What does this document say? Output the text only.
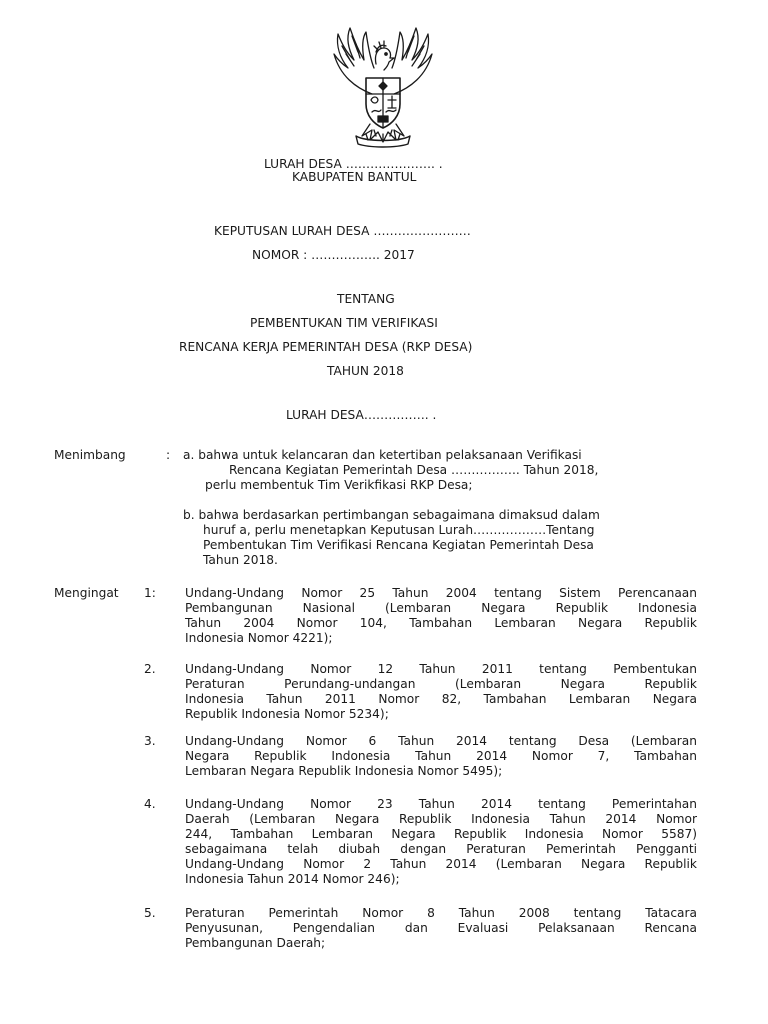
LURAH DESA …………………. .
KABUPATEN BANTUL
KEPUTUSAN LURAH DESA ……………………
NOMOR : …………….. 2017
TENTANG
PEMBENTUKAN TIM VERIFIKASI
RENCANA KERJA PEMERINTAH DESA (RKP DESA)
TAHUN 2018
LURAH DESA……………. .
Menimbang	: a. bahwa untuk kelancaran dan ketertiban pelaksanaan Verifikasi
Rencana Kegiatan Pemerintah Desa …………….. Tahun 2018,
perlu membentuk Tim Verikfikasi RKP Desa;
b. bahwa berdasarkan pertimbangan sebagaimana dimaksud dalam
huruf a, perlu menetapkan Keputusan Lurah………………Tentang
Pembentukan Tim Verifikasi Rencana Kegiatan Pemerintah Desa
Tahun 2018.
Mengingat 1: Undang-Undang Nomor 25 Tahun 2004 tentang Sistem Perencanaan
Pembangunan Nasional (Lembaran Negara Republik Indonesia
Tahun 2004 Nomor 104, Tambahan Lembaran Negara Republik
Indonesia Nomor 4221);
2. Undang-Undang Nomor 12 Tahun 2011 tentang Pembentukan
Peraturan Perundang-undangan (Lembaran Negara Republik
Indonesia Tahun 2011 Nomor 82, Tambahan Lembaran Negara
Republik Indonesia Nomor 5234);
3. Undang-Undang Nomor 6 Tahun 2014 tentang Desa (Lembaran
Negara Republik Indonesia Tahun 2014 Nomor 7, Tambahan
Lembaran Negara Republik Indonesia Nomor 5495);
4. Undang-Undang Nomor 23 Tahun 2014 tentang Pemerintahan
Daerah (Lembaran Negara Republik Indonesia Tahun 2014 Nomor
244, Tambahan Lembaran Negara Republik Indonesia Nomor 5587)
sebagaimana telah diubah dengan Peraturan Pemerintah Pengganti
Undang-Undang Nomor 2 Tahun 2014 (Lembaran Negara Republik
Indonesia Tahun 2014 Nomor 246);
5. Peraturan Pemerintah Nomor 8 Tahun 2008 tentang Tatacara
Penyusunan, Pengendalian dan Evaluasi Pelaksanaan Rencana
Pembangunan Daerah;
